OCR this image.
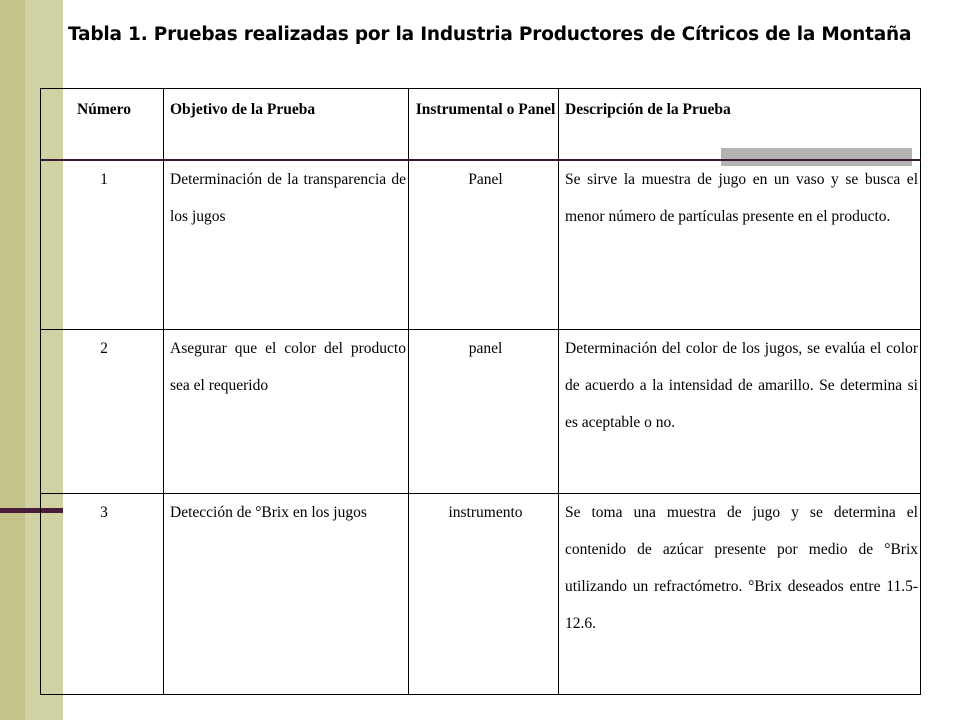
Tabla 1. Pruebas realizadas por la Industria Productores de Cítricos de la Montaña
Número	Objetivo de la Prueba	Instrumental o Panel	Descripción de la Prueba
1	Determinación de la transparencia de los jugos	Panel	Se sirve la muestra de jugo en un vaso y se busca el menor número de partículas presente en el producto.
2	Asegurar que el color del producto sea el requerido	panel	Determinación del color de los jugos, se evalúa el color de acuerdo a la intensidad de amarillo. Se determina si es aceptable o no.
3	Detección de °Brix en los jugos	instrumento	Se toma una muestra de jugo y se determina el contenido de azúcar presente por medio de °Brix utilizando un refractómetro. °Brix deseados entre 11.5-12.6.
